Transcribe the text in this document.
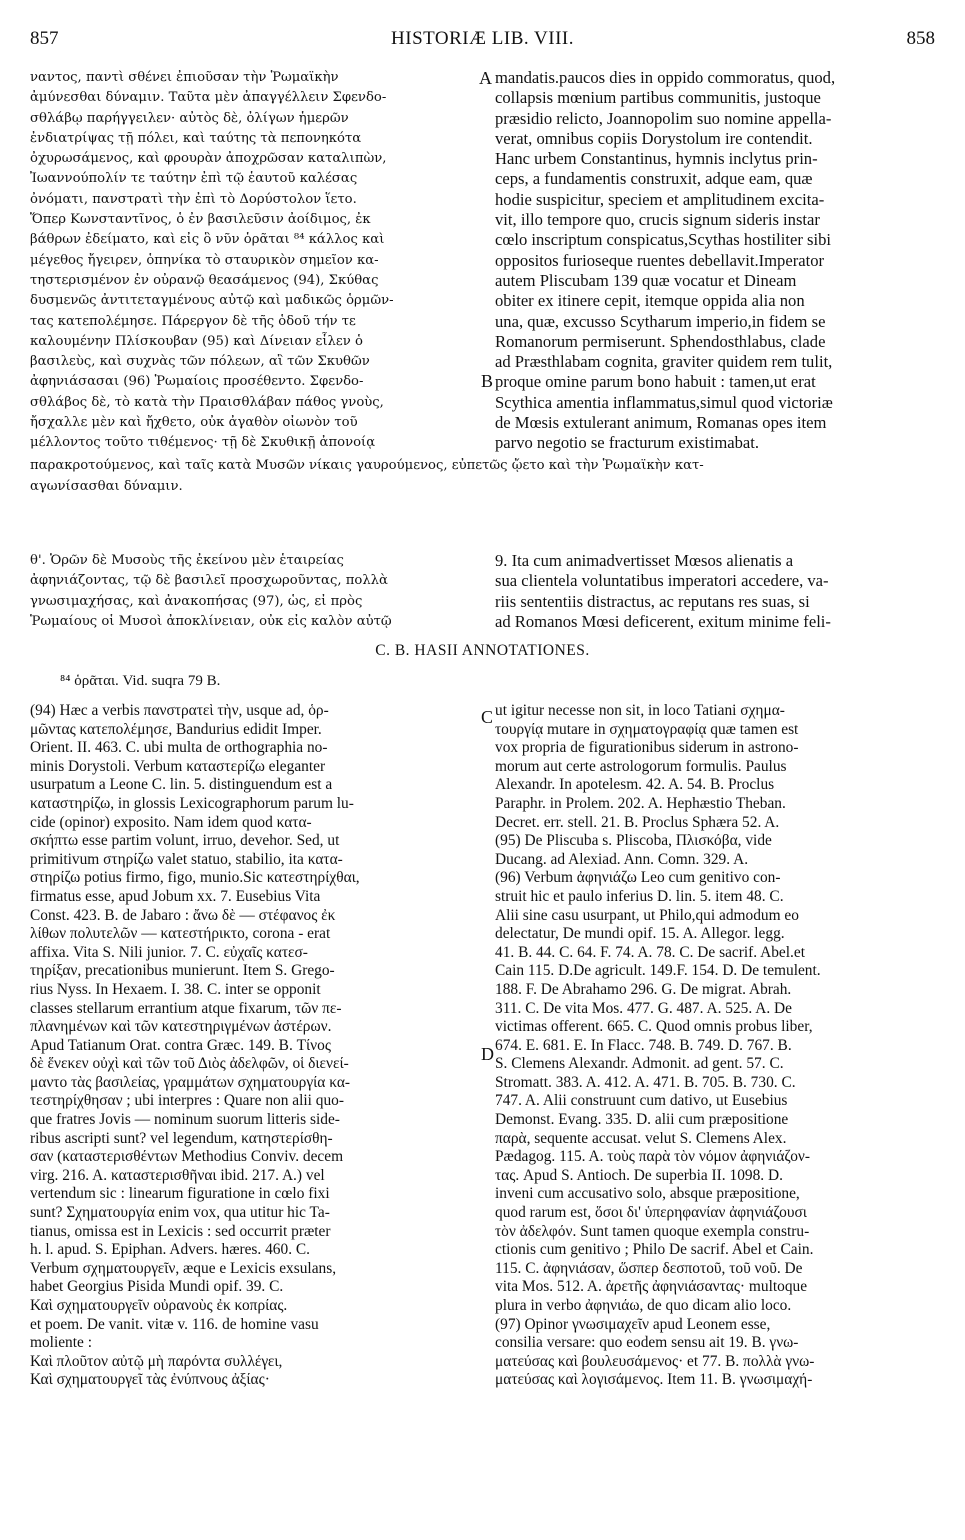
857	HISTORIÆ LIB. VIII.	858
ναντος, παντὶ σθένει ἐπιοῦσαν τὴν Ῥωμαϊκὴν
ἀμύνεσθαι δύναμιν. Ταῦτα μὲν ἀπαγγέλλειν Σφενδο-
σθλάβῳ παρήγγειλεν· αὐτὸς δὲ, ὀλίγων ἡμερῶν
ἐνδιατρίψας τῇ πόλει, καὶ ταύτης τὰ πεπονηκότα
ὀχυρωσάμενος, καὶ φρουρὰν ἀποχρῶσαν καταλιπὼν,
Ἰωαννούπολίν τε ταύτην ἐπὶ τῷ ἑαυτοῦ καλέσας
ὀνόματι, πανστρατὶ τὴν ἐπὶ τὸ Δορύστολον ἵετο.
Ὅπερ Κωνσταντῖνος, ὁ ἐν βασιλεῦσιν ἀοίδιμος, ἐκ
βάθρων ἐδείματο, καὶ εἰς ὃ νῦν ὁρᾶται ⁸⁴ κάλλος καὶ
μέγεθος ἤγειρεν, ὁπηνίκα τὸ σταυρικὸν σημεῖον κα-
τηστερισμένον ἐν οὐρανῷ θεασάμενος (94), Σκύθας
δυσμενῶς ἀντιτεταγμένους αὐτῷ καὶ μαδικῶς ὁρμῶν-
τας κατεπολέμησε. Πάρεργον δὲ τῆς ὁδοῦ τήν τε
καλουμένην Πλίσκουβαν (95) καὶ Δίνειαν εἷλεν ὁ
βασιλεὺς, καὶ συχνὰς τῶν πόλεων, αἳ τῶν Σκυθῶν
ἀφηνιάσασαι (96) Ῥωμαίοις προσέθεντο. Σφενδο-
σθλάβος δὲ, τὸ κατὰ τὴν Πραισθλάβαν πάθος γνοὺς,
ἤσχαλλε μὲν καὶ ἤχθετο, οὐκ ἀγαθὸν οἰωνὸν τοῦ
μέλλοντος τοῦτο τιθέμενος· τῇ δὲ Σκυθικῇ ἀπονοίᾳ
mandatis.paucos dies in oppido commoratus, quod,
collapsis mœnium partibus communitis, justoque
præsidio relicto, Joannopolim suo nomine appella-
verat, omnibus copiis Dorystolum ire contendit.
Hanc urbem Constantinus, hymnis inclytus prin-
ceps, a fundamentis construxit, adque eam, quæ
hodie suspicitur, speciem et amplitudinem excita-
vit, illo tempore quo, crucis signum sideris instar
cœlo inscriptum conspicatus,Scythas hostiliter sibi
oppositos furioseque ruentes debellavit.Imperator
autem Pliscubam 139 quæ vocatur et Dineam
obiter ex itinere cepit, itemque oppida alia non
una, quæ, excusso Scytharum imperio,in fidem se
Romanorum permiserunt. Sphendosthlabus, clade
ad Præsthlabam cognita, graviter quidem rem tulit,
proque omine parum bono habuit : tamen,ut erat
Scythica amentia inflammatus,simul quod victoriæ
de Mœsis extulerant animum, Romanas opes item
parvo negotio se fracturum existimabat.
A
B
παρακροτούμενος, καὶ ταῖς κατὰ Μυσῶν νίκαις γαυρούμενος, εὐπετῶς ᾤετο καὶ τὴν Ῥωμαϊκὴν κατ-
αγωνίσασθαι δύναμιν.
θ'. Ὁρῶν δὲ Μυσοὺς τῆς ἐκείνου μὲν ἑταιρείας
ἀφηνιάζοντας, τῷ δὲ βασιλεῖ προσχωροῦντας, πολλὰ
γνωσιμαχήσας, καὶ ἀνακοπήσας (97), ὡς, εἰ πρὸς
Ῥωμαίους οἱ Μυσοὶ ἀποκλίνειαν, οὐκ εἰς καλὸν αὐτῷ
9. Ita cum animadvertisset Mœsos alienatis a
sua clientela voluntatibus imperatori accedere, va-
riis sententiis distractus, ac reputans res suas, si
ad Romanos Mœsi deficerent, exitum minime feli-
C. B. HASII ANNOTATIONES.
⁸⁴ ὁρᾶται. Vid. suqra 79 B.
(94) Hæc a verbis πανστρατεὶ τὴν, usque ad, ὁρ-
μῶντας κατεπολέμησε, Bandurius edidit Imper.
Orient. II. 463. C. ubi multa de orthographia no-
minis Dorystoli. Verbum καταστερίζω eleganter
usurpatum a Leone C. lin. 5. distinguendum est a
καταστηρίζω, in glossis Lexicographorum parum lu-
cide (opinor) exposito. Nam idem quod κατα-
σκήπτω esse partim volunt, irruo, devehor. Sed, ut
primitivum στηρίζω valet statuo, stabilio, ita κατα-
στηρίζω potius firmo, figo, munio.Sic κατεστηρίχθαι,
firmatus esse, apud Jobum xx. 7. Eusebius Vita
Const. 423. B. de Jabaro : ἄνω δὲ — στέφανος ἐκ
λίθων πολυτελῶν — κατεστήρικτο, corona - erat
affixa. Vita S. Nili junior. 7. C. εὐχαῖς κατεσ-
τηρίξαν, precationibus munierunt. Item S. Grego-
rius Nyss. In Hexaem. I. 38. C. inter se opponit
classes stellarum errantium atque fixarum, τῶν πε-
πλανημένων καὶ τῶν κατεστηριγμένων ἀστέρων.
Apud Tatianum Orat. contra Græc. 149. B. Τίνος
δὲ ἕνεκεν οὐχὶ καὶ τῶν τοῦ Διὸς ἀδελφῶν, οἱ διενεί-
μαντο τὰς βασιλείας, γραμμάτων σχηματουργία κα-
τεστηρίχθησαν ; ubi interpres : Quare non alii quo-
que fratres Jovis — nominum suorum litteris side-
ribus ascripti sunt? vel legendum, κατηστερίσθη-
σαν (καταστερισθέντων Methodius Conviv. decem
virg. 216. A. καταστερισθῆναι ibid. 217. A.) vel
vertendum sic : linearum figuratione in cœlo fixi
sunt? Σχηματουργία enim vox, qua utitur hic Ta-
tianus, omissa est in Lexicis : sed occurrit præter
h. l. apud. S. Epiphan. Advers. hæres. 460. C.
Verbum σχηματουργεῖν, æque e Lexicis exsulans,
habet Georgius Pisida Mundi opif. 39. C.
Καὶ σχηματουργεῖν οὐρανοὺς ἐκ κοπρίας.
et poem. De vanit. vitæ v. 116. de homine vasu
moliente :
Καὶ πλοῦτον αὐτῷ μὴ παρόντα συλλέγει,
Καὶ σχηματουργεῖ τὰς ἐνύπνους ἀξίας·
ut igitur necesse non sit, in loco Tatiani σχημα-
τουργίᾳ mutare in σχηματογραφίᾳ quæ tamen est
vox propria de figurationibus siderum in astrono-
morum aut certe astrologorum formulis. Paulus
Alexandr. In apotelesm. 42. A. 54. B. Proclus
Paraphr. in Prolem. 202. A. Hephæstio Theban.
Decret. err. stell. 21. B. Proclus Sphæra 52. A.
(95) De Pliscuba s. Pliscoba, Πλισκόβα, vide
Ducang. ad Alexiad. Ann. Comn. 329. A.
(96) Verbum ἀφηνιάζω Leo cum genitivo con-
struit hic et paulo inferius D. lin. 5. item 48. C.
Alii sine casu usurpant, ut Philo,qui admodum eo
delectatur, De mundi opif. 15. A. Allegor. legg.
41. B. 44. C. 64. F. 74. A. 78. C. De sacrif. Abel.et
Cain 115. D.De agricult. 149.F. 154. D. De temulent.
188. F. De Abrahamo 296. G. De migrat. Abrah.
311. C. De vita Mos. 477. G. 487. A. 525. A. De
victimas offerent. 665. C. Quod omnis probus liber,
674. E. 681. E. In Flacc. 748. B. 749. D. 767. B.
S. Clemens Alexandr. Admonit. ad gent. 57. C.
Stromatt. 383. A. 412. A. 471. B. 705. B. 730. C.
747. A. Alii construunt cum dativo, ut Eusebius
Demonst. Evang. 335. D. alii cum præpositione
παρὰ, sequente accusat. velut S. Clemens Alex.
Pædagog. 115. A. τοὺς παρὰ τὸν νόμον ἀφηνιάζον-
τας. Apud S. Antioch. De superbia II. 1098. D.
inveni cum accusativo solo, absque præpositione,
quod rarum est, ὅσοι δι' ὑπερηφανίαν ἀφηνιάζουσι
τὸν ἀδελφόν. Sunt tamen quoque exempla constru-
ctionis cum genitivo ; Philo De sacrif. Abel et Cain.
115. C. ἀφηνιάσαν, ὥσπερ δεσποτοῦ, τοῦ νοῦ. De
vita Mos. 512. A. ἀρετῆς ἀφηνιάσαντας· multoque
plura in verbo ἀφηνιάω, de quo dicam alio loco.
(97) Opinor γνωσιμαχεῖν apud Leonem esse,
consilia versare: quo eodem sensu ait 19. B. γνω-
ματεύσας καὶ βουλευσάμενος· et 77. B. πολλὰ γνω-
ματεύσας καὶ λογισάμενος. Item 11. B. γνωσιμαχή-
C
D
